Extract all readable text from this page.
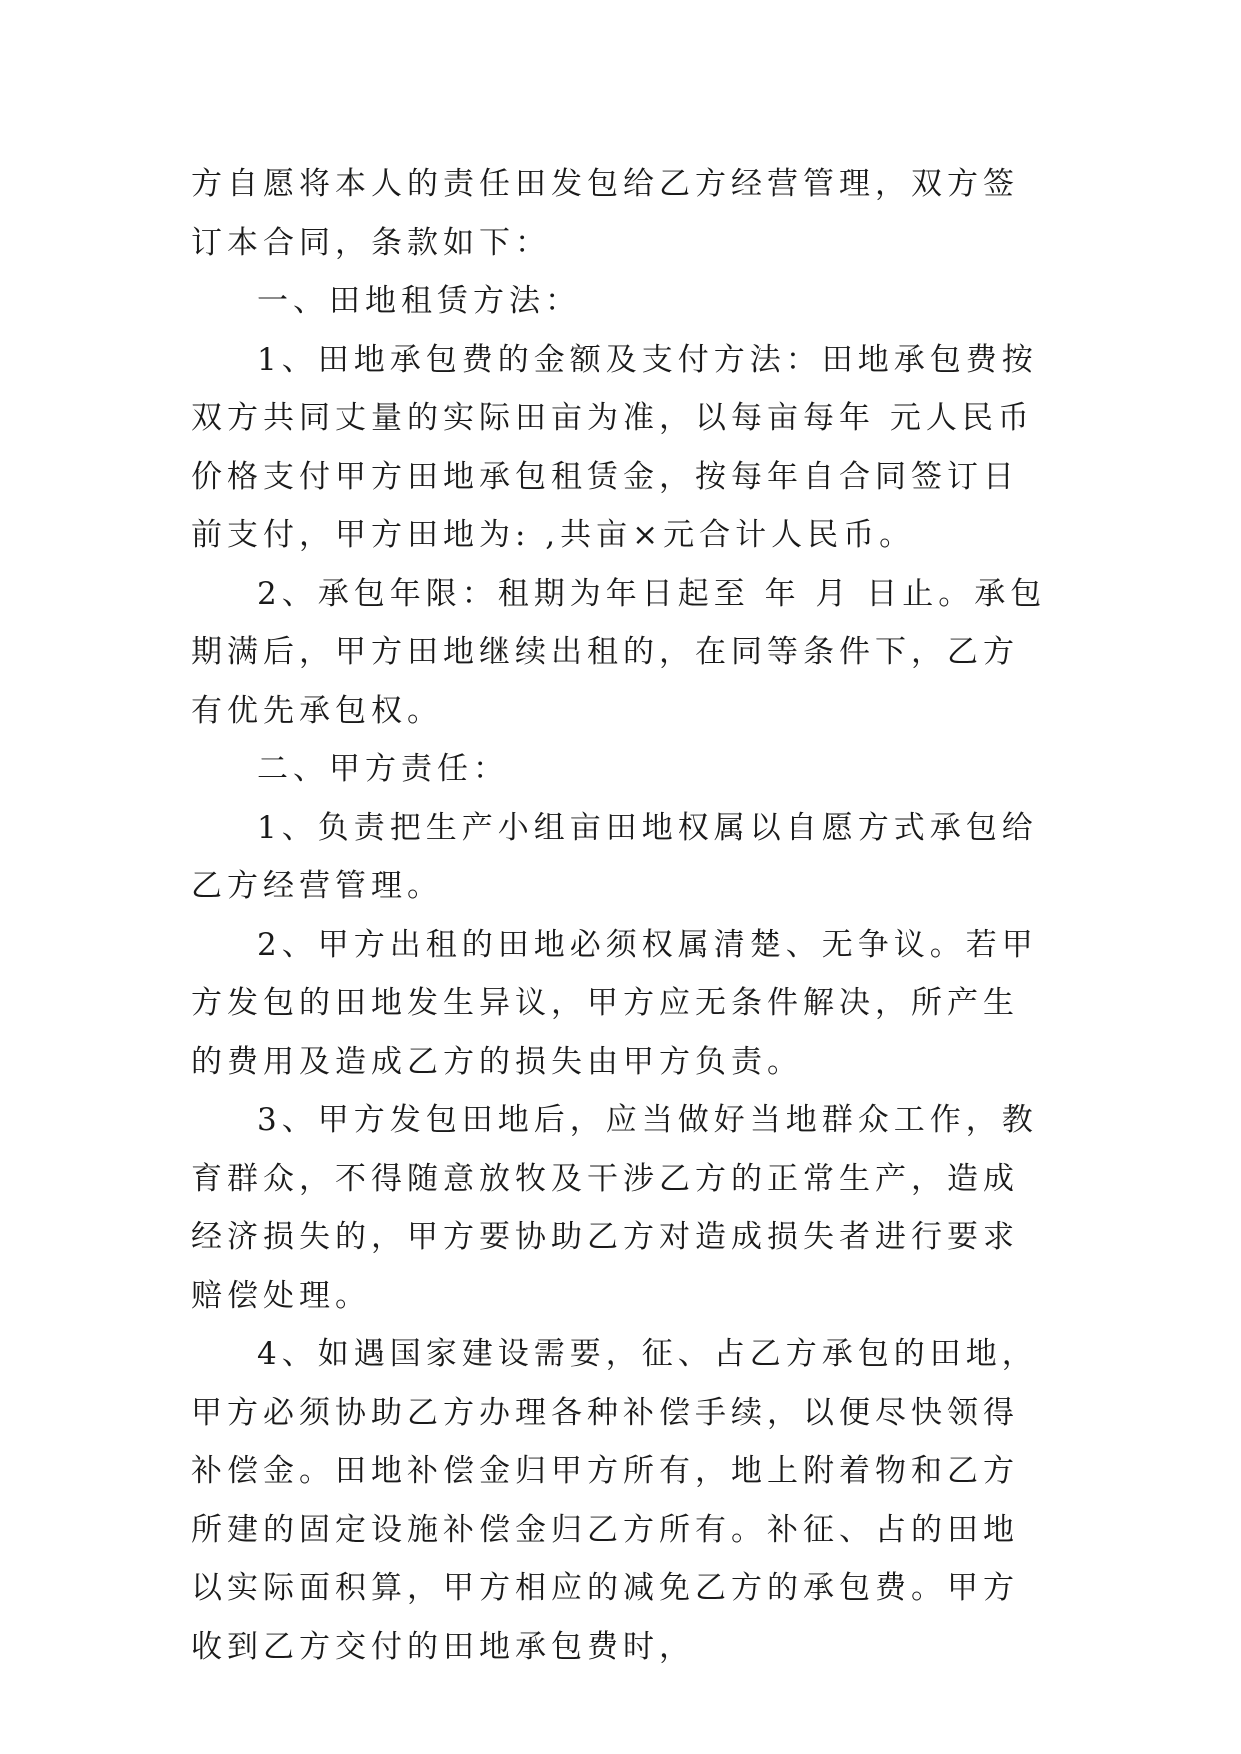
方自愿将本人的责任田发包给乙方经营管理，双方签订本合同，条款如下：

一、田地租赁方法：

1、田地承包费的金额及支付方法：田地承包费按双方共同丈量的实际田亩为准，以每亩每年 元人民币价格支付甲方田地承包租赁金，按每年自合同签订日前支付，甲方田地为: ,共亩×元合计人民币。

2、承包年限：租期为年日起至 年 月 日止。承包期满后，甲方田地继续出租的，在同等条件下，乙方有优先承包权。

二、甲方责任：

1、负责把生产小组亩田地权属以自愿方式承包给乙方经营管理。

2、甲方出租的田地必须权属清楚、无争议。若甲方发包的田地发生异议，甲方应无条件解决，所产生的费用及造成乙方的损失由甲方负责。

3、甲方发包田地后，应当做好当地群众工作，教育群众，不得随意放牧及干涉乙方的正常生产，造成经济损失的，甲方要协助乙方对造成损失者进行要求赔偿处理。

4、如遇国家建设需要，征、占乙方承包的田地，甲方必须协助乙方办理各种补偿手续，以便尽快领得补偿金。田地补偿金归甲方所有，地上附着物和乙方所建的固定设施补偿金归乙方所有。补征、占的田地以实际面积算，甲方相应的减免乙方的承包费。甲方收到乙方交付的田地承包费时，
